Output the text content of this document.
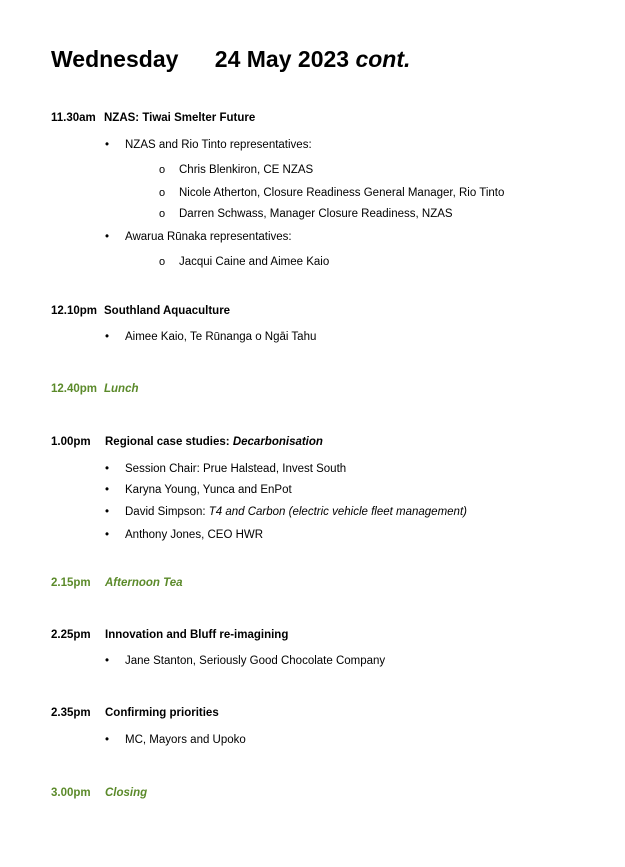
Wednesday 24 May 2023 cont.
11.30am NZAS: Tiwai Smelter Future
• NZAS and Rio Tinto representatives:
o Chris Blenkiron, CE NZAS
o Nicole Atherton, Closure Readiness General Manager, Rio Tinto
o Darren Schwass, Manager Closure Readiness, NZAS
• Awarua Rūnaka representatives:
o Jacqui Caine and Aimee Kaio
12.10pm Southland Aquaculture
• Aimee Kaio, Te Rūnanga o Ngāi Tahu
12.40pm Lunch
1.00pm Regional case studies: Decarbonisation
• Session Chair: Prue Halstead, Invest South
• Karyna Young, Yunca and EnPot
• David Simpson: T4 and Carbon (electric vehicle fleet management)
• Anthony Jones, CEO HWR
2.15pm Afternoon Tea
2.25pm Innovation and Bluff re-imagining
• Jane Stanton, Seriously Good Chocolate Company
2.35pm Confirming priorities
• MC, Mayors and Upoko
3.00pm Closing
